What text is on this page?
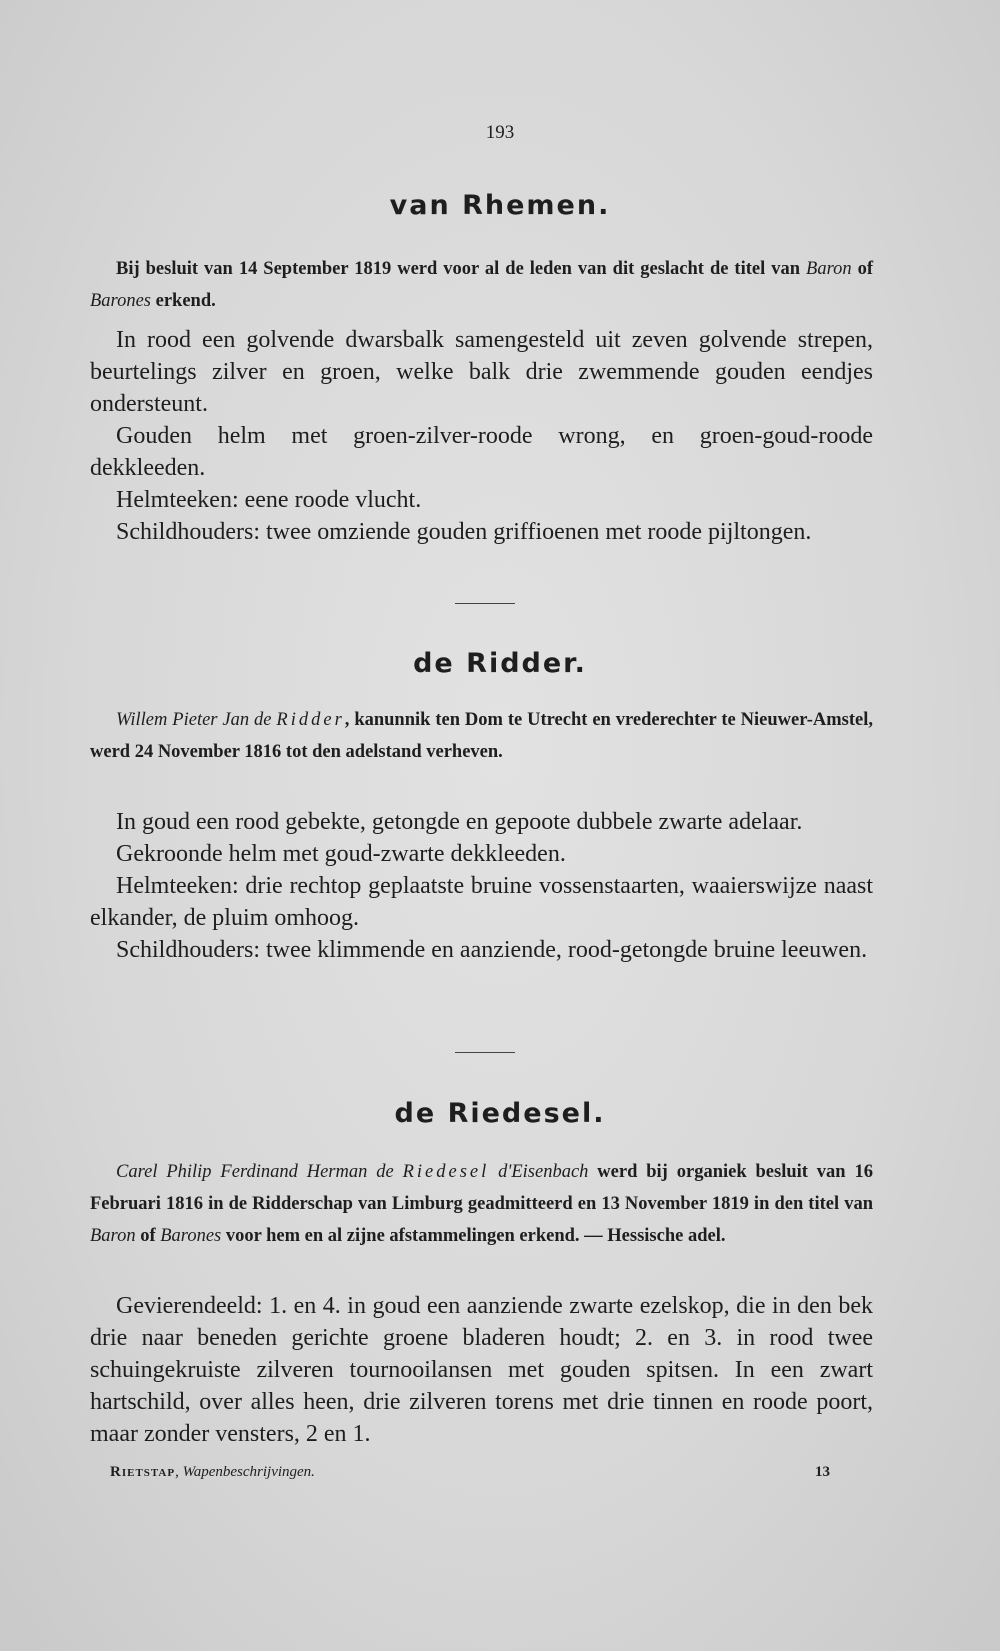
193
van Rhemen.

Bij besluit van 14 September 1819 werd voor al de leden van dit geslacht de titel van Baron of Barones erkend.

In rood een golvende dwarsbalk samengesteld uit zeven golvende strepen, beurtelings zilver en groen, welke balk drie zwemmende gouden eendjes ondersteunt.

Gouden helm met groen-zilver-roode wrong, en groen-goud-roode dekkleeden.

Helmteeken: eene roode vlucht.

Schildhouders: twee omziende gouden griffioenen met roode pijltongen.

de Ridder.

Willem Pieter Jan de Ridder, kanunnik ten Dom te Utrecht en vrederechter te Nieuwer-Amstel, werd 24 November 1816 tot den adelstand verheven.

In goud een rood gebekte, getongde en gepoote dubbele zwarte adelaar.

Gekroonde helm met goud-zwarte dekkleeden.

Helmteeken: drie rechtop geplaatste bruine vossenstaarten, waaierswijze naast elkander, de pluim omhoog.

Schildhouders: twee klimmende en aanziende, rood-getongde bruine leeuwen.

de Riedesel.

Carel Philip Ferdinand Herman de Riedesel d'Eisenbach werd bij organiek besluit van 16 Februari 1816 in de Ridderschap van Limburg geadmitteerd en 13 November 1819 in den titel van Baron of Barones voor hem en al zijne afstammelingen erkend. — Hessische adel.

Gevierendeeld: 1. en 4. in goud een aanziende zwarte ezelskop, die in den bek drie naar beneden gerichte groene bladeren houdt; 2. en 3. in rood twee schuingekruiste zilveren tournooilansen met gouden spitsen. In een zwart hartschild, over alles heen, drie zilveren torens met drie tinnen en roode poort, maar zonder vensters, 2 en 1.

Rietstap, Wapenbeschrijvingen.	13
